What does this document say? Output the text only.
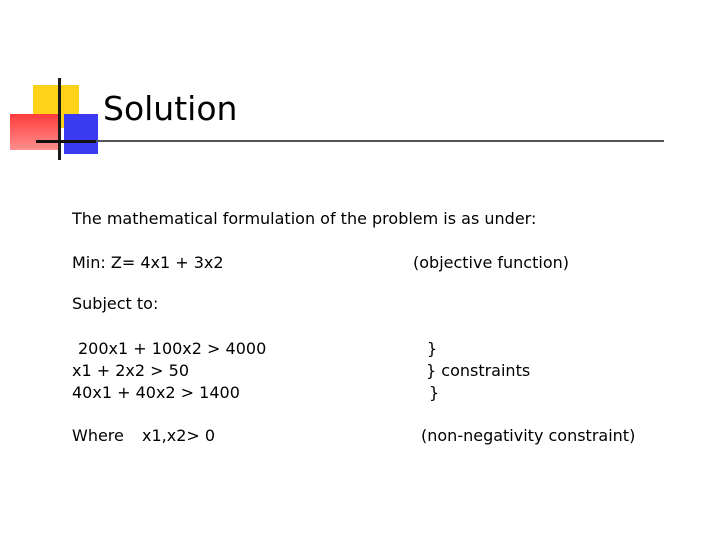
Solution
The mathematical formulation of the problem is as under:
Min: Z= 4x1 + 3x2	(objective function)
Subject to:
200x1 + 100x2 > 4000
x1 + 2x2 > 50
40x1 + 40x2 > 1400
}
} constraints
}
Where x1,x2> 0	(non-negativity constraint)
